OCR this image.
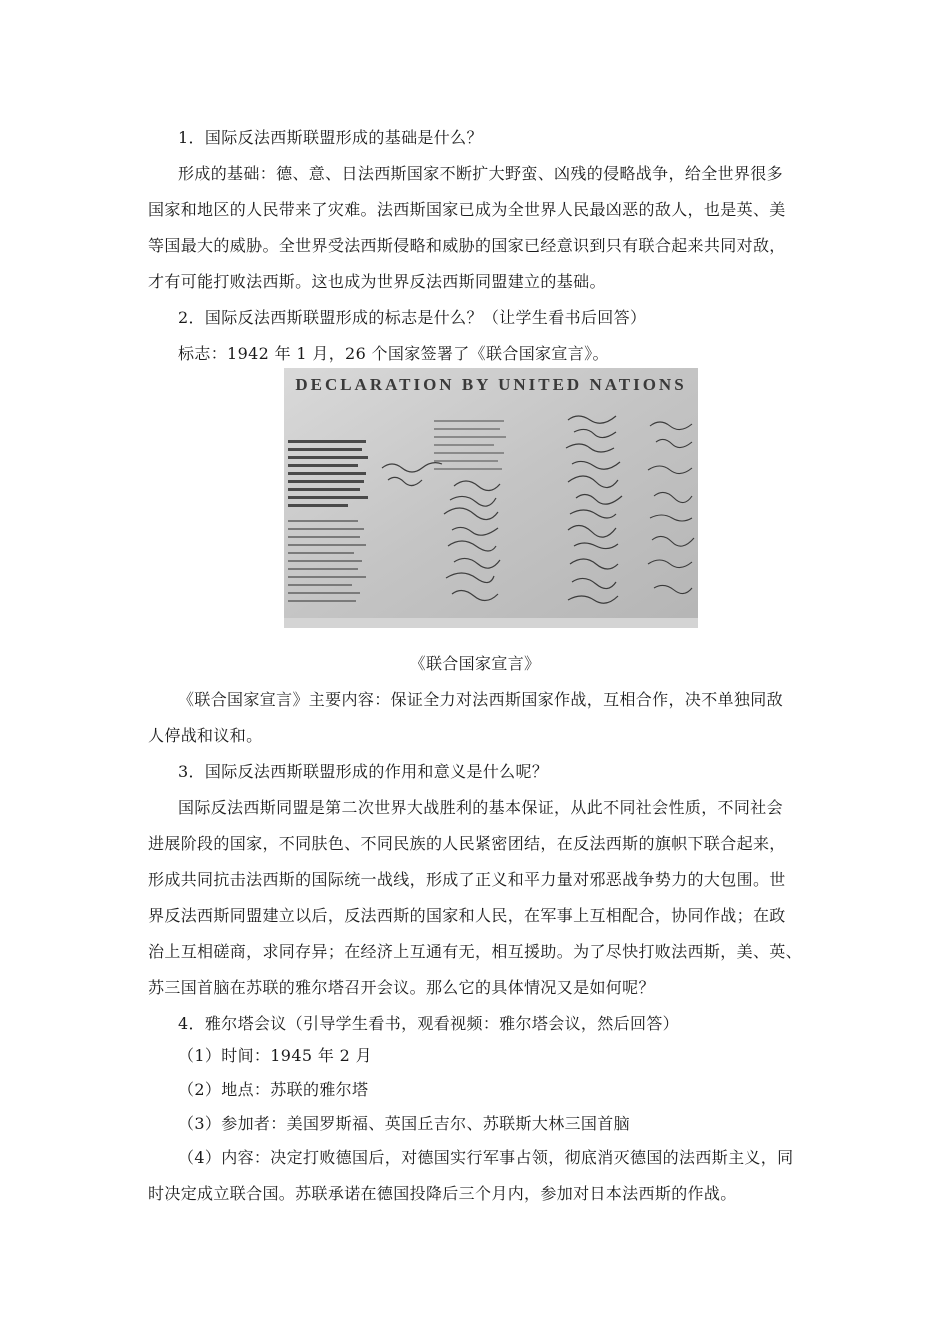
1．国际反法西斯联盟形成的基础是什么？
形成的基础：德、意、日法西斯国家不断扩大野蛮、凶残的侵略战争，给全世界很多
国家和地区的人民带来了灾难。法西斯国家已成为全世界人民最凶恶的敌人，也是英、美
等国最大的威胁。全世界受法西斯侵略和威胁的国家已经意识到只有联合起来共同对敌，
才有可能打败法西斯。这也成为世界反法西斯同盟建立的基础。
2．国际反法西斯联盟形成的标志是什么？（让学生看书后回答）
标志：1942 年 1 月，26 个国家签署了《联合国家宣言》。
DECLARATION BY UNITED NATIONS
《联合国家宣言》
《联合国家宣言》主要内容：保证全力对法西斯国家作战，互相合作，决不单独同敌
人停战和议和。
3．国际反法西斯联盟形成的作用和意义是什么呢？
国际反法西斯同盟是第二次世界大战胜利的基本保证，从此不同社会性质，不同社会
进展阶段的国家，不同肤色、不同民族的人民紧密团结，在反法西斯的旗帜下联合起来，
形成共同抗击法西斯的国际统一战线，形成了正义和平力量对邪恶战争势力的大包围。世
界反法西斯同盟建立以后，反法西斯的国家和人民，在军事上互相配合，协同作战；在政
治上互相磋商，求同存异；在经济上互通有无，相互援助。为了尽快打败法西斯，美、英、
苏三国首脑在苏联的雅尔塔召开会议。那么它的具体情况又是如何呢？
4．雅尔塔会议（引导学生看书，观看视频：雅尔塔会议，然后回答）
（1）时间：1945 年 2 月
（2）地点：苏联的雅尔塔
（3）参加者：美国罗斯福、英国丘吉尔、苏联斯大林三国首脑
（4）内容：决定打败德国后，对德国实行军事占领，彻底消灭德国的法西斯主义，同
时决定成立联合国。苏联承诺在德国投降后三个月内，参加对日本法西斯的作战。
